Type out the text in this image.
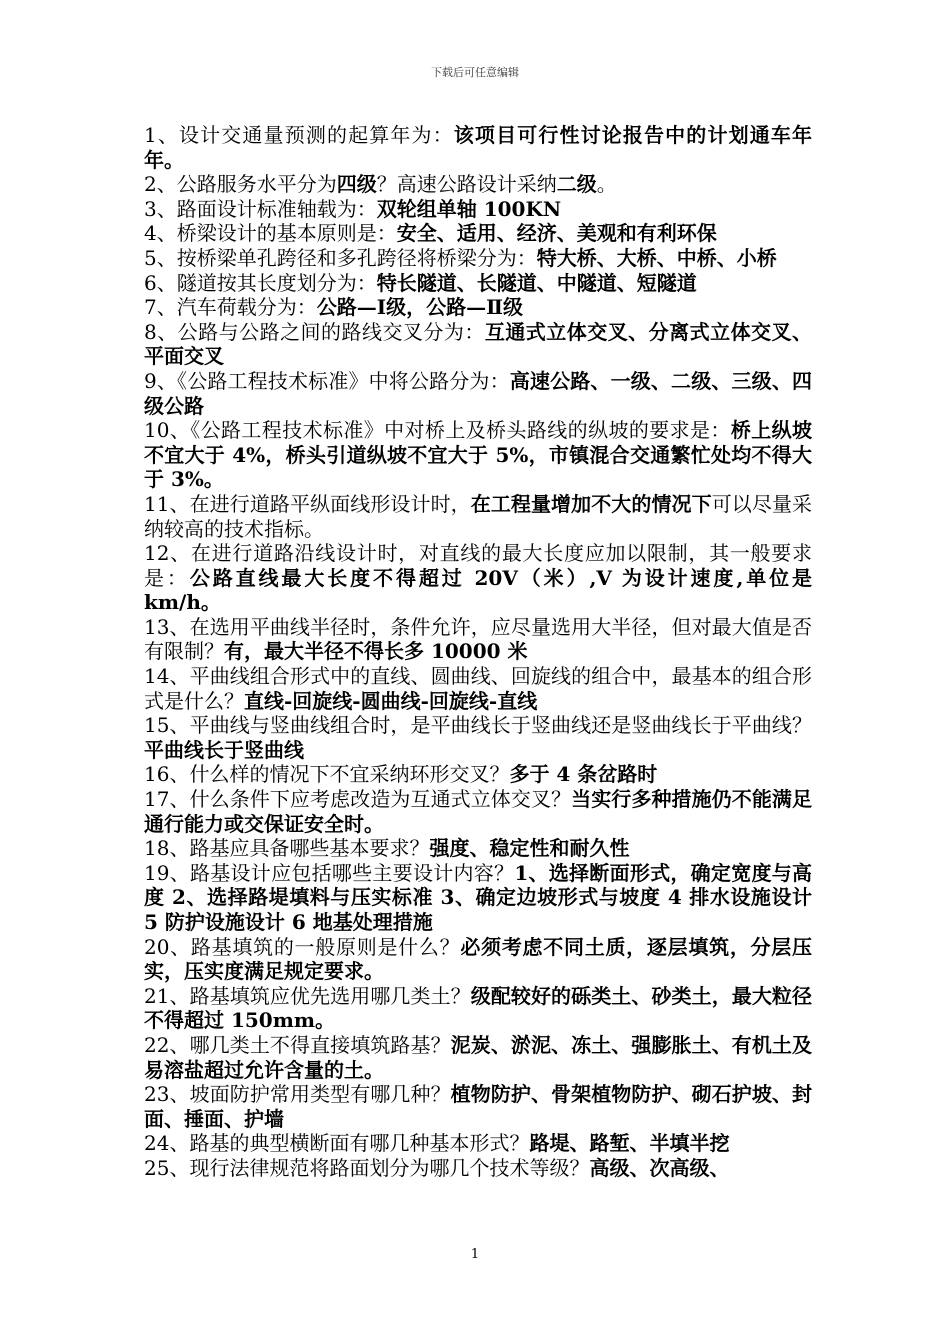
下载后可任意编辑

1、设计交通量预测的起算年为：该项目可行性讨论报告中的计划通车年年。

2、公路服务水平分为四级？高速公路设计采纳二级。

3、路面设计标准轴载为：双轮组单轴 100KN

4、桥梁设计的基本原则是：安全、适用、经济、美观和有利环保

5、按桥梁单孔跨径和多孔跨径将桥梁分为：特大桥、大桥、中桥、小桥

6、隧道按其长度划分为：特长隧道、长隧道、中隧道、短隧道

7、汽车荷载分为：公路—Ⅰ级，公路—Ⅱ级

8、公路与公路之间的路线交叉分为：互通式立体交叉、分离式立体交叉、平面交叉

9、《公路工程技术标准》中将公路分为：高速公路、一级、二级、三级、四级公路

10、《公路工程技术标准》中对桥上及桥头路线的纵坡的要求是：桥上纵坡不宜大于 4%，桥头引道纵坡不宜大于 5%，市镇混合交通繁忙处均不得大于 3%。

11、在进行道路平纵面线形设计时，在工程量增加不大的情况下可以尽量采纳较高的技术指标。

12、在进行道路沿线设计时，对直线的最大长度应加以限制，其一般要求是：公路直线最大长度不得超过 20V（米）,V 为设计速度,单位是 km/h。

13、在选用平曲线半径时，条件允许，应尽量选用大半径，但对最大值是否有限制？有，最大半径不得长多 10000 米

14、平曲线组合形式中的直线、圆曲线、回旋线的组合中，最基本的组合形式是什么？直线-回旋线-圆曲线-回旋线-直线

15、平曲线与竖曲线组合时，是平曲线长于竖曲线还是竖曲线长于平曲线？平曲线长于竖曲线

16、什么样的情况下不宜采纳环形交叉？多于 4 条岔路时

17、什么条件下应考虑改造为互通式立体交叉？当实行多种措施仍不能满足通行能力或交保证安全时。

18、路基应具备哪些基本要求？强度、稳定性和耐久性

19、路基设计应包括哪些主要设计内容？1、选择断面形式，确定宽度与高度 2、选择路堤填料与压实标准 3、确定边坡形式与坡度 4 排水设施设计 5 防护设施设计 6 地基处理措施

20、路基填筑的一般原则是什么？必须考虑不同土质，逐层填筑，分层压实，压实度满足规定要求。

21、路基填筑应优先选用哪几类土？级配较好的砾类土、砂类土，最大粒径不得超过 150mm。

22、哪几类土不得直接填筑路基？泥炭、淤泥、冻土、强膨胀土、有机土及易溶盐超过允许含量的土。

23、坡面防护常用类型有哪几种？植物防护、骨架植物防护、砌石护坡、封面、捶面、护墙

24、路基的典型横断面有哪几种基本形式？路堤、路堑、半填半挖

25、现行法律规范将路面划分为哪几个技术等级？高级、次高级、

1
